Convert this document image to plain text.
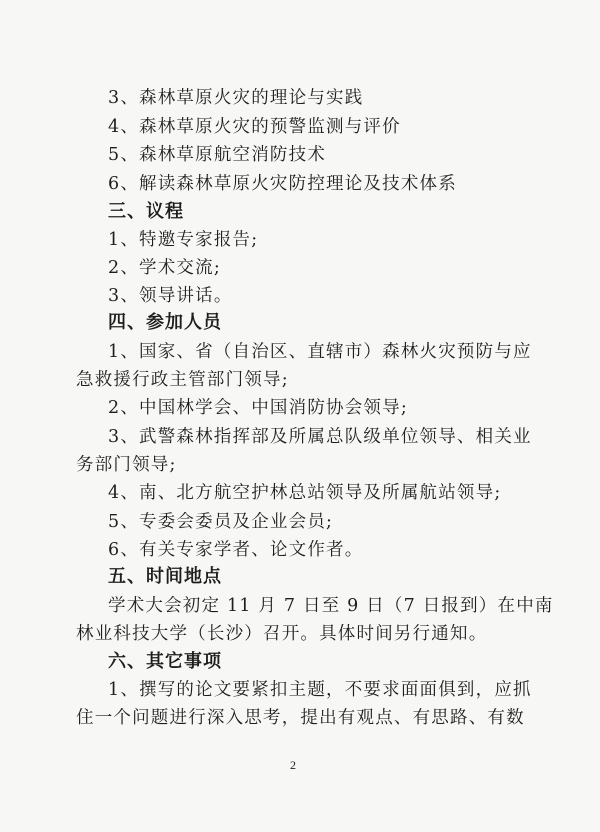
3、森林草原火灾的理论与实践
4、森林草原火灾的预警监测与评价
5、森林草原航空消防技术
6、解读森林草原火灾防控理论及技术体系
三、议程
1、特邀专家报告;
2、学术交流;
3、领导讲话。
四、参加人员
1、国家、省（自治区、直辖市）森林火灾预防与应
急救援行政主管部门领导;
2、中国林学会、中国消防协会领导;
3、武警森林指挥部及所属总队级单位领导、相关业
务部门领导;
4、南、北方航空护林总站领导及所属航站领导;
5、专委会委员及企业会员;
6、有关专家学者、论文作者。
五、时间地点
学术大会初定 11 月 7 日至 9 日（7 日报到）在中南
林业科技大学（长沙）召开。具体时间另行通知。
六、其它事项
1、撰写的论文要紧扣主题，不要求面面俱到，应抓
住一个问题进行深入思考，提出有观点、有思路、有数
2
